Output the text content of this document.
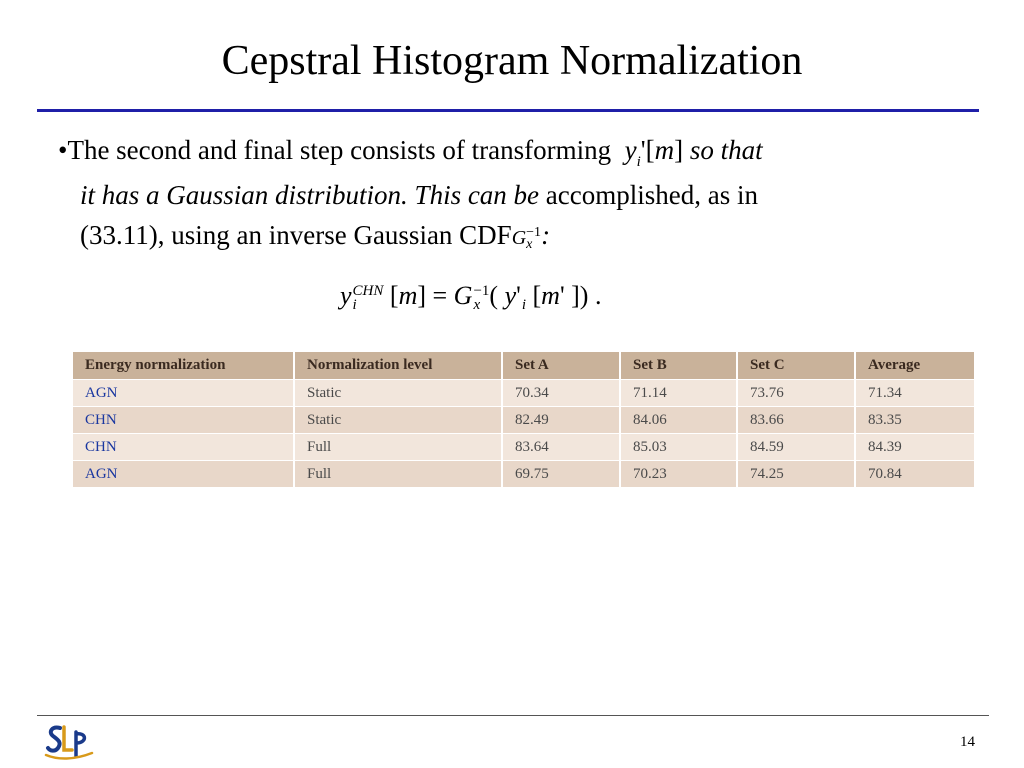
Cepstral Histogram Normalization
•The second and final step consists of transforming $y_i'[m]$ so that
it has a Gaussian distribution. This can be accomplished, as in
(33.11), using an inverse Gaussian CDFG −1
x :
y CHN
i	[m] = G −1
x ( y'
i [m' ]) .
Energy normalization	Normalization level	Set A	Set B	Set C	Average
AGN	Static	70.34	71.14	73.76	71.34
CHN	Static	82.49	84.06	83.66	83.35
CHN	Full	83.64	85.03	84.59	84.39
AGN	Full	69.75	70.23	74.25	70.84
14
